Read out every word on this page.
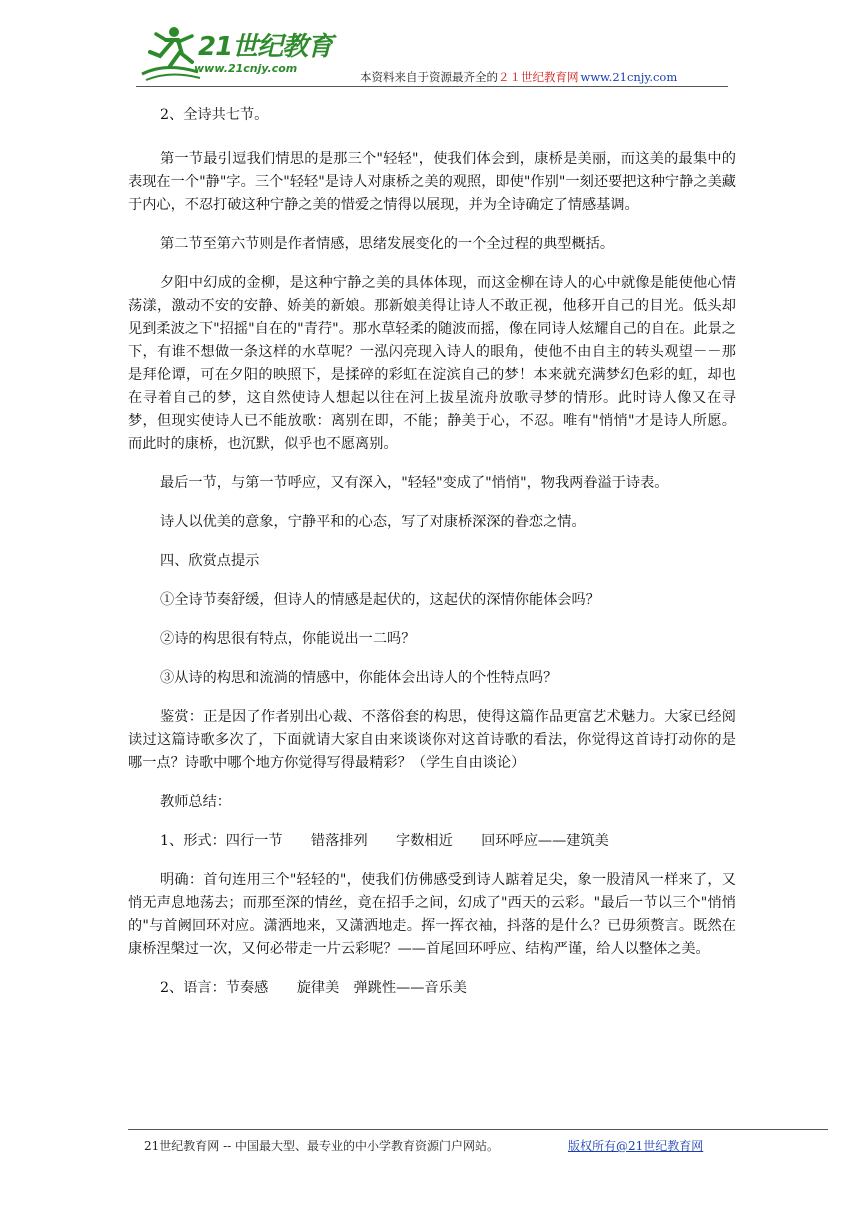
21世纪教育
www.21cnjy.com
本资料来自于资源最齐全的２１世纪教育网 www.21cnjy.com

2、全诗共七节。

第一节最引逗我们情思的是那三个"轻轻"，使我们体会到，康桥是美丽，而这美的最集中的表现在一个"静"字。三个"轻轻"是诗人对康桥之美的观照，即使"作别"一刻还要把这种宁静之美藏于内心，不忍打破这种宁静之美的惜爱之情得以展现，并为全诗确定了情感基调。

第二节至第六节则是作者情感，思绪发展变化的一个全过程的典型概括。

夕阳中幻成的金柳，是这种宁静之美的具体体现，而这金柳在诗人的心中就像是能使他心情荡漾，激动不安的安静、娇美的新娘。那新娘美得让诗人不敢正视，他移开自己的目光。低头却见到柔波之下"招摇"自在的"青荇"。那水草轻柔的随波而摇，像在同诗人炫耀自己的自在。此景之下，有谁不想做一条这样的水草呢？一泓闪亮现入诗人的眼角，使他不由自主的转头观望－－那是拜伦谭，可在夕阳的映照下，是揉碎的彩虹在淀滨自己的梦！本来就充满梦幻色彩的虹，却也在寻着自己的梦，这自然使诗人想起以往在河上拔星流舟放歌寻梦的情形。此时诗人像又在寻梦，但现实使诗人已不能放歌：离别在即，不能；静美于心，不忍。唯有"悄悄"才是诗人所愿。而此时的康桥，也沉默，似乎也不愿离别。

最后一节，与第一节呼应，又有深入，"轻轻"变成了"悄悄"，物我两眷溢于诗表。

诗人以优美的意象，宁静平和的心态，写了对康桥深深的眷恋之情。

四、欣赏点提示

①全诗节奏舒缓，但诗人的情感是起伏的，这起伏的深情你能体会吗？

②诗的构思很有特点，你能说出一二吗？

③从诗的构思和流淌的情感中，你能体会出诗人的个性特点吗？

鉴赏：正是因了作者别出心裁、不落俗套的构思，使得这篇作品更富艺术魅力。大家已经阅读过这篇诗歌多次了，下面就请大家自由来谈谈你对这首诗歌的看法，你觉得这首诗打动你的是哪一点？诗歌中哪个地方你觉得写得最精彩？（学生自由谈论）

教师总结：

1、形式：四行一节　　错落排列　　字数相近　　回环呼应——建筑美

明确：首句连用三个"轻轻的"，使我们仿佛感受到诗人踮着足尖，象一股清风一样来了，又悄无声息地荡去；而那至深的情丝，竟在招手之间，幻成了"西天的云彩。"最后一节以三个"悄悄的"与首阙回环对应。潇洒地来，又潇洒地走。挥一挥衣袖，抖落的是什么？已毋须赘言。既然在康桥涅槃过一次，又何必带走一片云彩呢？——首尾回环呼应、结构严谨，给人以整体之美。

2、语言：节奏感　　旋律美　弹跳性——音乐美

21世纪教育网 -- 中国最大型、最专业的中小学教育资源门户网站。	版权所有@21世纪教育网
